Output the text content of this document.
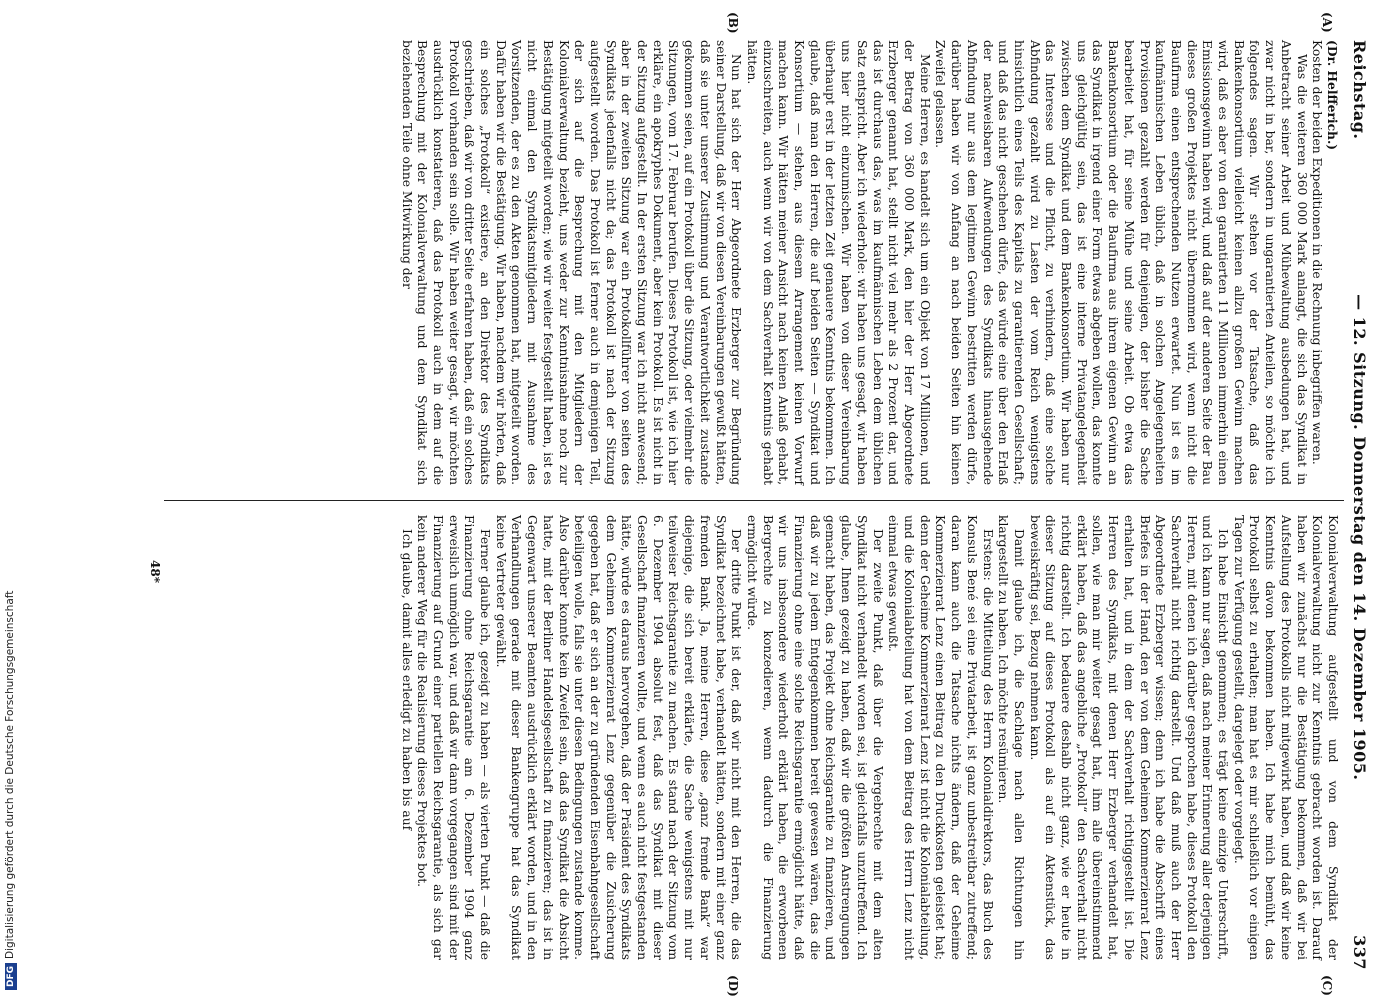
DFGDigitalisierung gefördert durch die Deutsche Forschungsgemeinschaft
Reichstag.
— 12. Sitzung. Donnerstag den 14. Dezember 1905.
337
(A)
(B)
(C)
(D)

(Dr. Helfferich.)

Kosten der beiden Expeditionen in die Rechnung inbegriffen waren.

Was die weiteren 360 000 Mark anlangt, die sich das Syndikat in Anbetracht seiner Arbeit und Mühewaltung ausbedungen hat, und zwar nicht in bar, sondern in ungarantierten Anteilen, so möchte ich folgendes sagen. Wir stehen vor der Tatsache, daß das Bankenkonsortium vielleicht keinen allzu großen Gewinn machen wird, daß es aber von den garantierten 11 Millionen immerhin einen Emissionsgewinn haben wird, und daß auf der anderen Seite der Bau dieses großen Projektes nicht übernommen wird, wenn nicht die Baufirma einen entsprechenden Nutzen erwartet. Nun ist es im kaufmännischen Leben üblich, daß in solchen Angelegenheiten Provisionen gezahlt werden für denjenigen, der bisher die Sache bearbeitet hat, für seine Mühe und seine Arbeit. Ob etwa das Bankenkonsortium oder die Baufirma aus ihrem eigenen Gewinn an das Syndikat in irgend einer Form etwas abgeben wollen, das konnte uns gleichgültig sein, das ist eine interne Privatangelegenheit zwischen dem Syndikat und dem Bankenkonsortium. Wir haben nur das Interesse und die Pflicht, zu verhindern, daß eine solche Abfindung gezahlt wird zu Lasten der vom Reich wenigstens hinsichtlich eines Teils des Kapitals zu garantierenden Gesellschaft; und daß das nicht geschehen dürfe, das würde eine über den Erlaß der nachweisbaren Aufwendungen des Syndikats hinausgehende Abfindung nur aus dem legitimen Gewinn bestritten werden dürfe, darüber haben wir von Anfang an nach beiden Seiten hin keinen Zweifel gelassen.

Meine Herren, es handelt sich um ein Objekt von 17 Millionen, und der Betrag von 360 000 Mark, den hier der Herr Abgeordnete Erzberger genannt hat, stellt nicht viel mehr als 2 Prozent dar, und das ist durchaus das, was im kaufmännischen Leben dem üblichen Satz entspricht. Aber ich wiederhole: wir haben uns gesagt, wir haben uns hier nicht einzumischen. Wir haben von dieser Vereinbarung überhaupt erst in der letzten Zeit genauere Kenntnis bekommen. Ich glaube, daß man den Herren, die auf beiden Seiten — Syndikat und Konsortium — stehen, aus diesem Arrangement keinen Vorwurf machen kann. Wir hätten meiner Ansicht nach keinen Anlaß gehabt, einzuschreiten, auch wenn wir von dem Sachverhalt Kenntnis gehabt hätten.

Nun hat sich der Herr Abgeordnete Erzberger zur Begründung seiner Darstellung, daß wir von diesen Vereinbarungen gewußt hätten, daß sie unter unserer Zustimmung und Verantwortlichkeit zustande gekommen seien, auf ein Protokoll über die Sitzung, oder vielmehr die Sitzungen, vom 17. Februar berufen. Dieses Protokoll ist, wie ich hier erkläre, ein apokryphes Dokument, aber kein Protokoll. Es ist nicht in der Sitzung aufgestellt. In der ersten Sitzung war ich nicht anwesend; aber in der zweiten Sitzung war ein Protokollführer von seiten des Syndikats jedenfalls nicht da; das Protokoll ist nach der Sitzung aufgestellt worden. Das Protokoll ist ferner auch in demjenigen Teil, der sich auf die Besprechung mit den Mitgliedern der Kolonialverwaltung bezieht, uns weder zur Kenntnisnahme noch zur Bestätigung mitgeteilt worden; wie wir weiter festgestellt haben, ist es nicht einmal den Syndikatsmitgliedern mit Ausnahme des Vorsitzenden, der es zu den Akten genommen hat, mitgeteilt worden. Dafür haben wir die Bestätigung. Wir haben, nachdem wir hörten, daß ein solches „Protokoll“ existiere, an den Direktor des Syndikats geschrieben, daß wir von dritter Seite erfahren haben, daß ein solches Protokoll vorhanden sein solle. Wir haben weiter gesagt, wir möchten ausdrücklich konstatieren, daß das Protokoll auch in dem auf die Besprechung mit der Kolonialverwaltung und dem Syndikat sich beziehenden Teile ohne Mitwirkung der

Kolonialverwaltung aufgestellt und von dem Syndikat der Kolonialverwaltung nicht zur Kenntnis gebracht worden ist. Darauf haben wir zunächst nur die Bestätigung bekommen, daß wir bei Aufstellung des Protokolls nicht mitgewirkt haben, und daß wir keine Kenntnis davon bekommen haben. Ich habe mich bemüht, das Protokoll selbst zu erhalten; man hat es mir schließlich vor einigen Tagen zur Verfügung gestellt, dargelegt oder vorgelegt.

Ich habe Einsicht genommen; es trägt keine einzige Unterschrift, und ich kann nur sagen, daß nach meiner Erinnerung aller derjenigen Herren, mit denen ich darüber gesprochen habe, dieses Protokoll den Sachverhalt nicht richtig darstellt. Und daß muß auch der Herr Abgeordnete Erzberger wissen; denn ich habe die Abschrift eines Briefes in der Hand, den er von dem Geheimen Kommerzienrat Lenz erhalten hat, und in dem der Sachverhalt richtiggestellt ist. Die Herren des Syndikats, mit denen Herr Erzberger verhandelt hat, sollen, wie man mir weiter gesagt hat, ihm alle übereinstimmend erklärt haben, daß das angebliche „Protokoll“ den Sachverhalt nicht richtig darstellt. Ich bedauere deshalb nicht ganz, wie er heute in dieser Sitzung auf dieses Protokoll als auf ein Aktenstück, das beweiskräftig sei, Bezug nehmen kann.

Damit glaube ich, die Sachlage nach allen Richtungen hin klargestellt zu haben. Ich möchte resümieren.

Erstens: die Mitteilung des Herrn Kolonialdirektors, das Buch des Konsuls Bené sei eine Privatarbeit, ist ganz unbestreitbar zutreffend; daran kann auch die Tatsache nichts ändern, daß der Geheime Kommerzienrat Lenz einen Beitrag zu den Druckkosten geleistet hat; denn der Geheime Kommerzienrat Lenz ist nicht die Kolonialabteilung, und die Kolonialabteilung hat von dem Beitrag des Herrn Lenz nicht einmal etwas gewußt.

Der zweite Punkt, daß über die Vergebrechte mit dem alten Syndikat nicht verhandelt worden sei, ist gleichfalls unzutreffend. Ich glaube, Ihnen gezeigt zu haben, daß wir die größten Anstrengungen gemacht haben, das Projekt ohne Reichsgarantie zu finanzieren, und daß wir zu jedem Entgegenkommen bereit gewesen wären, das die Finanzierung ohne eine solche Reichsgarantie ermöglicht hätte, daß wir uns insbesondere wiederholt erklärt haben, die erworbenen Bergrechte zu konzedieren, wenn dadurch die Finanzierung ermöglicht würde.

Der dritte Punkt ist der, daß wir nicht mit den Herren, die das Syndikat bezeichnet habe, verhandelt hätten, sondern mit einer ganz fremden Bank. Ja, meine Herren, diese „ganz fremde Bank“ war diejenige, die sich bereit erklärte, die Sache wenigstens mit nur teilweiser Reichsgarantie zu machen. Es stand nach der Sitzung vom 6. Dezember 1904 absolut fest, daß das Syndikat mit dieser Gesellschaft finanzieren wollte, und wenn es auch nicht festgestanden hätte, würde es daraus hervorgehen, daß der Präsident des Syndikats dem Geheimen Kommerzienrat Lenz gegenüber die Zusicherung gegeben hat, daß er sich an der zu gründenden Eisenbahngesellschaft beteiligen wolle, falls sie unter diesen Bedingungen zustande komme. Also darüber konnte kein Zweifel sein, daß das Syndikat die Absicht hatte, mit der Berliner Handelsgesellschaft zu finanzieren; das ist in Gegenwart unserer Beamten ausdrücklich erklärt worden, und in den Verhandlungen gerade mit dieser Bankengruppe hat das Syndikat keine Vertreter gewählt.

Ferner glaube ich, gezeigt zu haben — als vierten Punkt — daß die Finanzierung ohne Reichsgarantie am 6. Dezember 1904 ganz erweislich unmöglich war, und daß wir dann vorgegangen sind mit der Finanzierung auf Grund einer partiellen Reichsgarantie, als sich gar kein anderer Weg für die Realisierung dieses Projektes bot.

Ich glaube, damit alles erledigt zu haben bis auf

48*
